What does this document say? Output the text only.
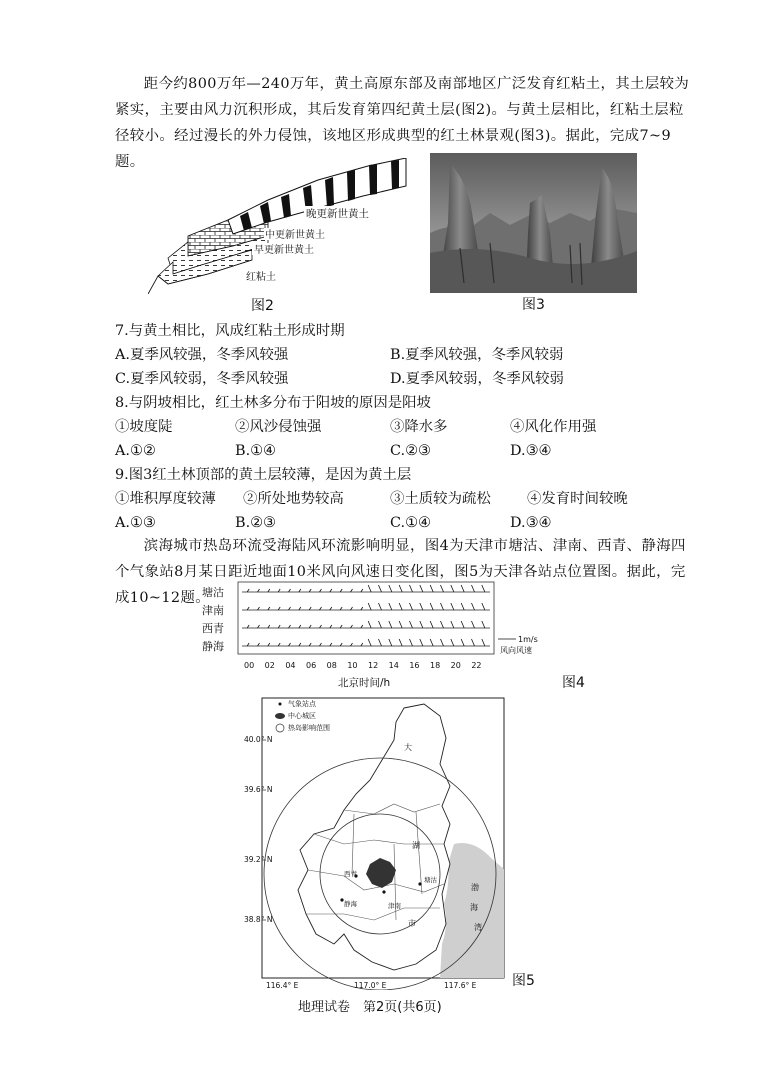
距今约800万年—240万年，黄土高原东部及南部地区广泛发育红粘土，其土层较为紧实，主要由风力沉积形成，其后发育第四纪黄土层(图2)。与黄土层相比，红粘土层粒径较小。经过漫长的外力侵蚀，该地区形成典型的红土林景观(图3)。据此，完成7~9题。

晚更新世黄土
中更新世黄土
早更新世黄土
红粘土
图2	图3
7.与黄土相比，风成红粘土形成时期
A.夏季风较强，冬季风较强	B.夏季风较强，冬季风较弱
C.夏季风较弱，冬季风较强	D.夏季风较弱，冬季风较弱
8.与阴坡相比，红土林多分布于阳坡的原因是阳坡
①坡度陡	②风沙侵蚀强	③降水多	④风化作用强
A.①②	B.①④	C.②③	D.③④
9.图3红土林顶部的黄土层较薄，是因为黄土层
①堆积厚度较薄 ②所处地势较高	③土质较为疏松	④发育时间较晚
A.①③	B.②③	C.①④	D.③④

滨海城市热岛环流受海陆风环流影响明显，图4为天津市塘沽、津南、西青、静海四个气象站8月某日距近地面10米风向风速日变化图，图5为天津各站点位置图。据此，完成10~12题。

00 02 04 06 08 10 12 14 16 18 20 22
塘沽
津南
西青
静海
1m/s
风向风速
北京时间/h	图4
气象站点
中心城区
热岛影响范围
40.0° N
39.6° N
39.2° N
38.8° N
大
津南
西青
静海
塘沽
渤
海
湾
市
湖
116.4° E	117.0° E	117.6° E	图5
地理试卷　第2页(共6页)
